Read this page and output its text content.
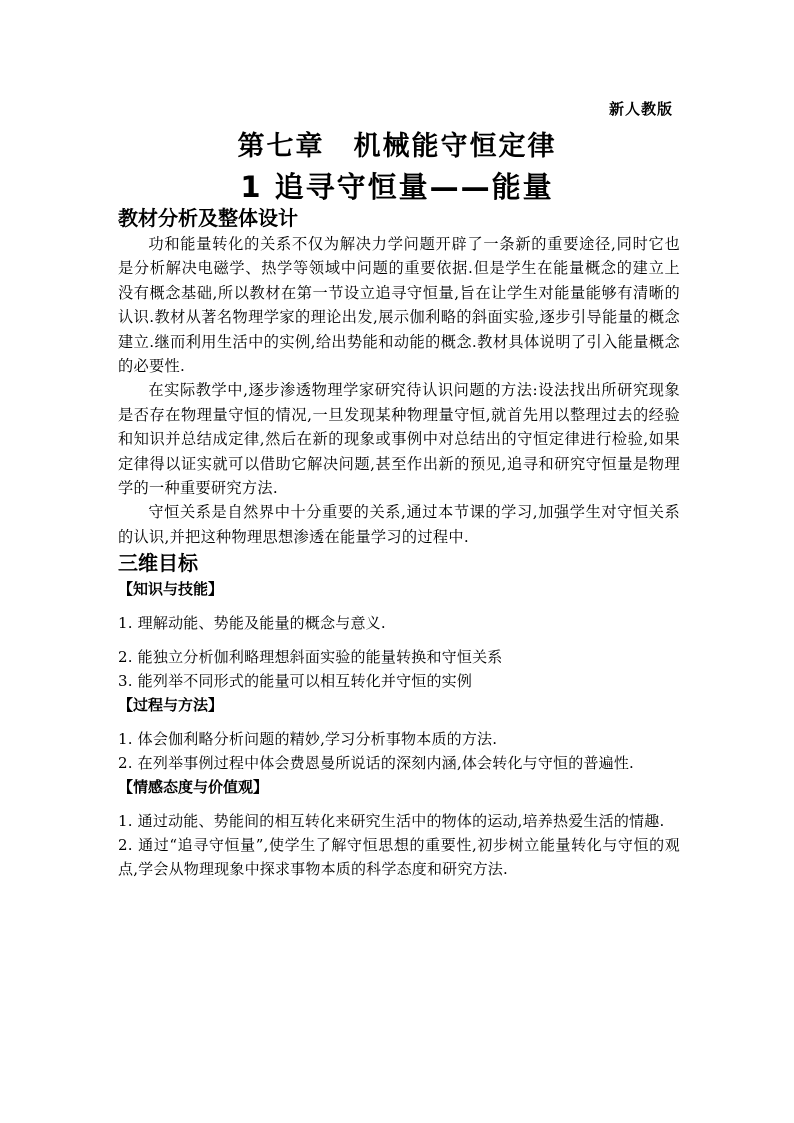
新人教版
第七章　机械能守恒定律
1 追寻守恒量——能量
教材分析及整体设计

功和能量转化的关系不仅为解决力学问题开辟了一条新的重要途径,同时它也是分析解决电磁学、热学等领域中问题的重要依据.但是学生在能量概念的建立上没有概念基础,所以教材在第一节设立追寻守恒量,旨在让学生对能量能够有清晰的认识.教材从著名物理学家的理论出发,展示伽利略的斜面实验,逐步引导能量的概念建立.继而利用生活中的实例,给出势能和动能的概念.教材具体说明了引入能量概念的必要性.

在实际教学中,逐步渗透物理学家研究待认识问题的方法:设法找出所研究现象是否存在物理量守恒的情况,一旦发现某种物理量守恒,就首先用以整理过去的经验和知识并总结成定律,然后在新的现象或事例中对总结出的守恒定律进行检验,如果定律得以证实就可以借助它解决问题,甚至作出新的预见,追寻和研究守恒量是物理学的一种重要研究方法.

守恒关系是自然界中十分重要的关系,通过本节课的学习,加强学生对守恒关系的认识,并把这种物理思想渗透在能量学习的过程中.

三维目标
【知识与技能】

1. 理解动能、势能及能量的概念与意义.

2. 能独立分析伽利略理想斜面实验的能量转换和守恒关系

3. 能列举不同形式的能量可以相互转化并守恒的实例

【过程与方法】

1. 体会伽利略分析问题的精妙,学习分析事物本质的方法.

2. 在列举事例过程中体会费恩曼所说话的深刻内涵,体会转化与守恒的普遍性.

【情感态度与价值观】

1. 通过动能、势能间的相互转化来研究生活中的物体的运动,培养热爱生活的情趣.

2. 通过“追寻守恒量”,使学生了解守恒思想的重要性,初步树立能量转化与守恒的观点,学会从物理现象中探求事物本质的科学态度和研究方法.
